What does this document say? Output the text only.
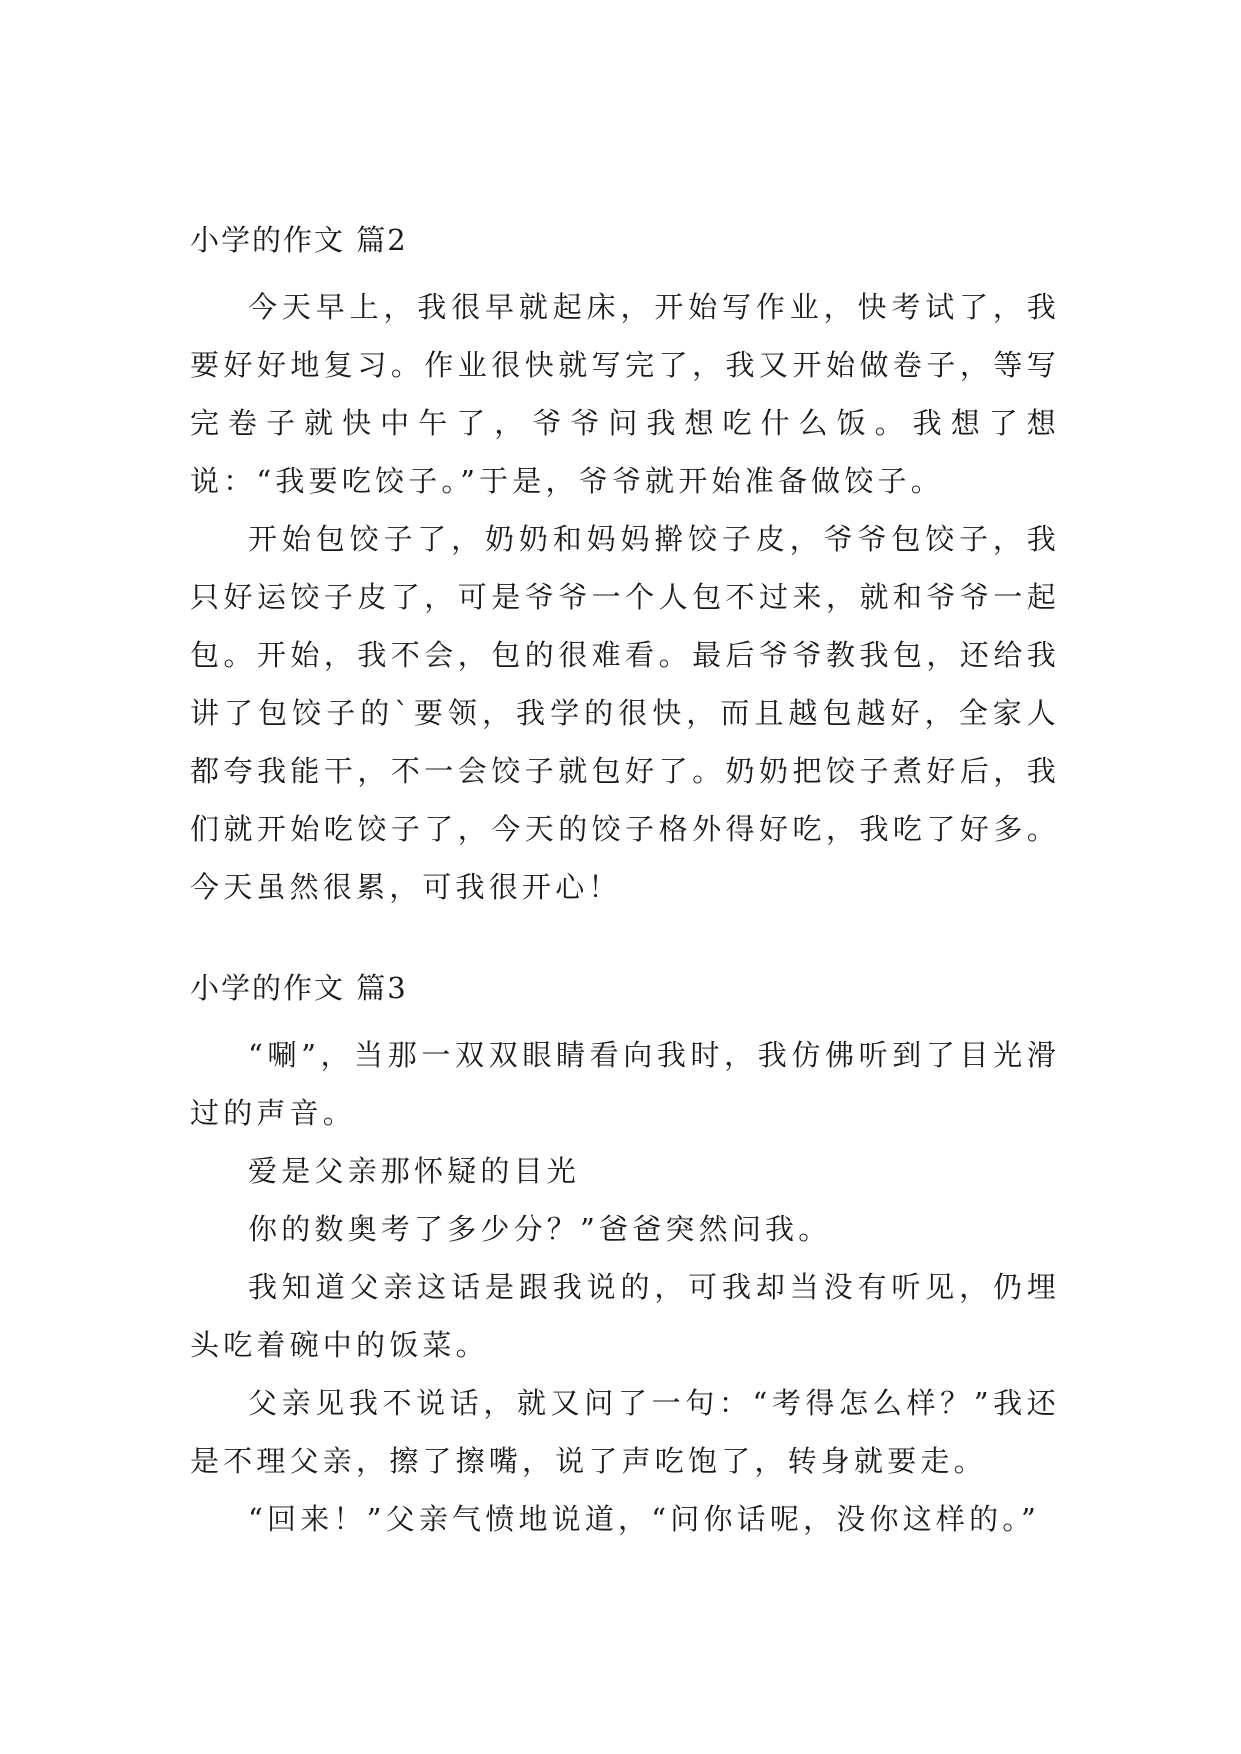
小学的作文 篇2

今天早上，我很早就起床，开始写作业，快考试了，我要好好地复习。作业很快就写完了，我又开始做卷子，等写完卷子就快中午了，爷爷问我想吃什么饭。我想了想说：“我要吃饺子。”于是，爷爷就开始准备做饺子。

开始包饺子了，奶奶和妈妈擀饺子皮，爷爷包饺子，我只好运饺子皮了，可是爷爷一个人包不过来，就和爷爷一起包。开始，我不会，包的很难看。最后爷爷教我包，还给我讲了包饺子的`要领，我学的很快，而且越包越好，全家人都夸我能干，不一会饺子就包好了。奶奶把饺子煮好后，我们就开始吃饺子了，今天的饺子格外得好吃，我吃了好多。今天虽然很累，可我很开心！

小学的作文 篇3

“唰”，当那一双双眼睛看向我时，我仿佛听到了目光滑过的声音。

爱是父亲那怀疑的目光

你的数奥考了多少分？”爸爸突然问我。

我知道父亲这话是跟我说的，可我却当没有听见，仍埋头吃着碗中的饭菜。

父亲见我不说话，就又问了一句：“考得怎么样？”我还是不理父亲，擦了擦嘴，说了声吃饱了，转身就要走。

“回来！”父亲气愤地说道，“问你话呢，没你这样的。”
